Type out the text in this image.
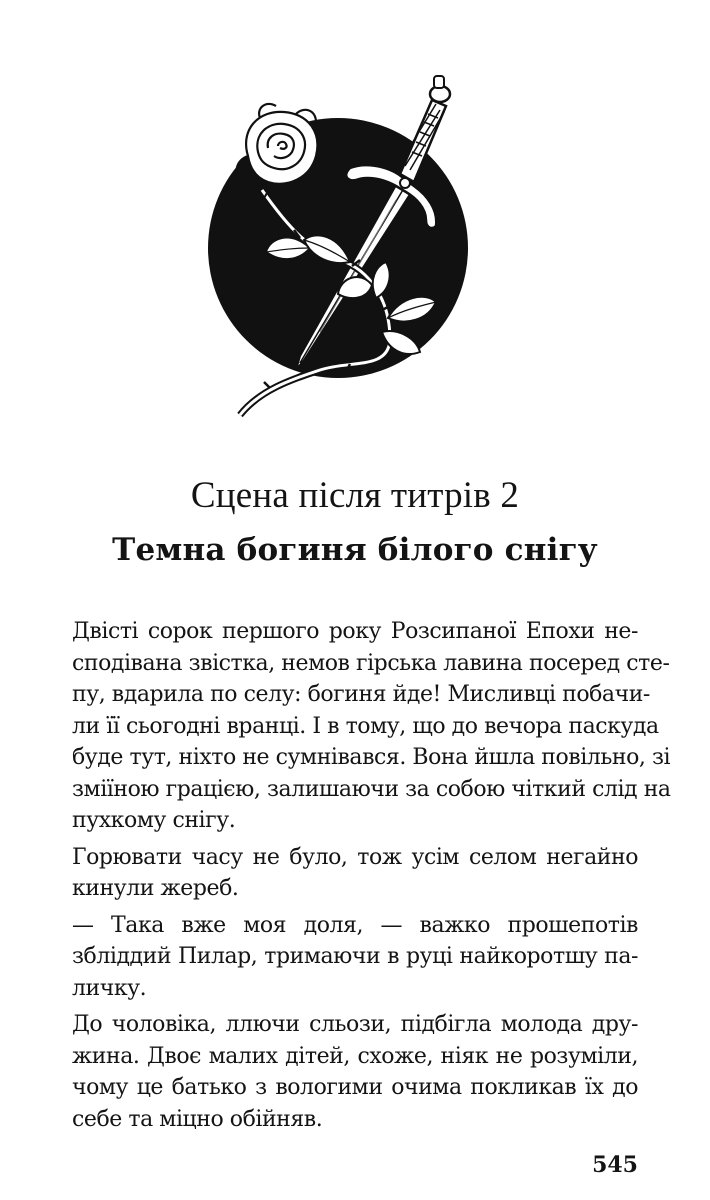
Сцена після титрів 2
Темна богиня білого снігу

Двісті сорок першого року Розсипаної Епохи не-
сподівана звістка, немов гірська лавина посеред сте-
пу, вдарила по селу: богиня йде! Мисливці побачи-
ли її сьогодні вранці. І в тому, що до вечора паскуда
буде тут, ніхто не сумнівався. Вона йшла повільно, зі
зміїною грацією, залишаючи за собою чіткий слід на
пухкому снігу.

Горювати часу не було, тож усім селом негайно
кинули жереб.

— Така вже моя доля, — важко прошепотів
збліддий Пилар, тримаючи в руці найкоротшу па-
личку.

До чоловіка, ллючи сльози, підбігла молода дру-
жина. Двоє малих дітей, схоже, ніяк не розуміли,
чому це батько з вологими очима покликав їх до
себе та міцно обійняв.

545
